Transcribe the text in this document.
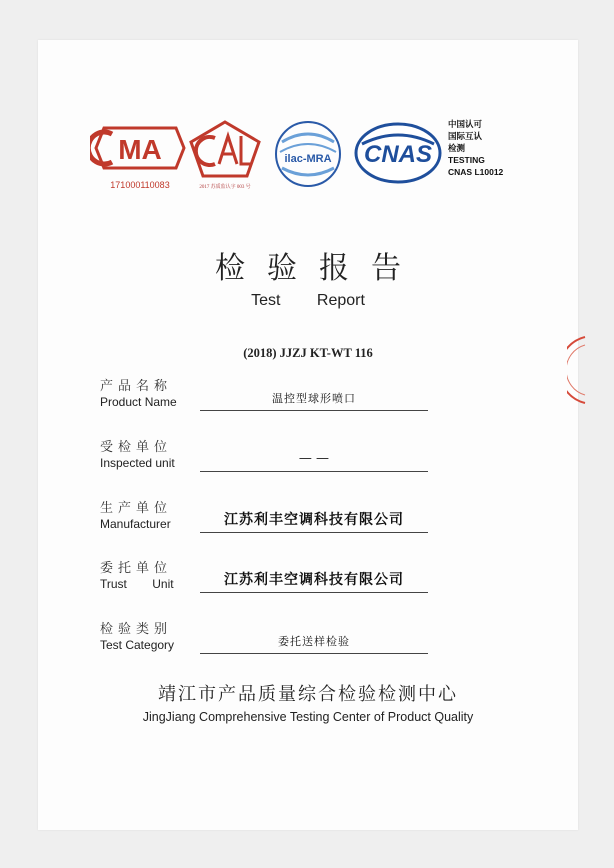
MA
171000110083	2017 苏质监认字 003 号
ilac-MRA CNAS
中国认可
国际互认
检测
TESTING
CNAS L10012
检验报告
Test Report
(2018) JJZJ KT-WT 116
产品名称
Product Name	温控型球形喷口
受检单位
Inspected unit	— —
生产单位
Manufacturer	江苏利丰空调科技有限公司
委托单位
Trust Unit	江苏利丰空调科技有限公司
检验类别
Test Category	委托送样检验
靖江市产品质量综合检验检测中心
JingJiang Comprehensive Testing Center of Product Quality
